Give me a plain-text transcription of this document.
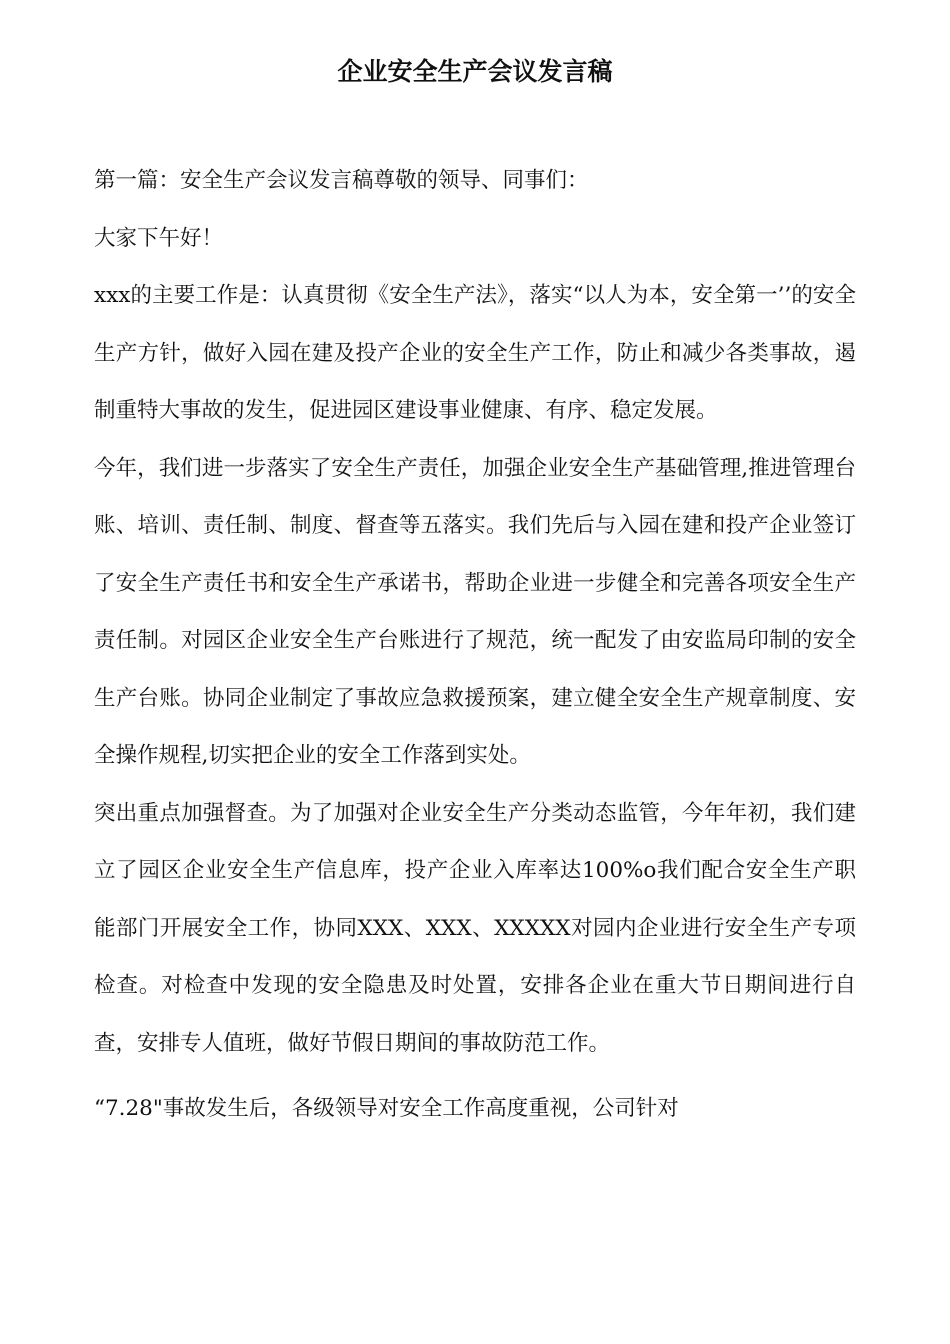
企业安全生产会议发言稿

第一篇：安全生产会议发言稿尊敬的领导、同事们：

大家下午好！

xxx的主要工作是：认真贯彻《安全生产法》，落实“以人为本，安全第一’’的安全生产方针，做好入园在建及投产企业的安全生产工作，防止和减少各类事故，遏制重特大事故的发生，促进园区建设事业健康、有序、稳定发展。

今年，我们进一步落实了安全生产责任，加强企业安全生产基础管理,推进管理台账、培训、责任制、制度、督查等五落实。我们先后与入园在建和投产企业签订了安全生产责任书和安全生产承诺书，帮助企业进一步健全和完善各项安全生产责任制。对园区企业安全生产台账进行了规范，统一配发了由安监局印制的安全生产台账。协同企业制定了事故应急救援预案，建立健全安全生产规章制度、安全操作规程,切实把企业的安全工作落到实处。

突出重点加强督查。为了加强对企业安全生产分类动态监管，今年年初，我们建立了园区企业安全生产信息库，投产企业入库率达100%o我们配合安全生产职能部门开展安全工作，协同XXX、XXX、XXXXX对园内企业进行安全生产专项检查。对检查中发现的安全隐患及时处置，安排各企业在重大节日期间进行自查，安排专人值班，做好节假日期间的事故防范工作。

“7.28"事故发生后，各级领导对安全工作高度重视，公司针对
